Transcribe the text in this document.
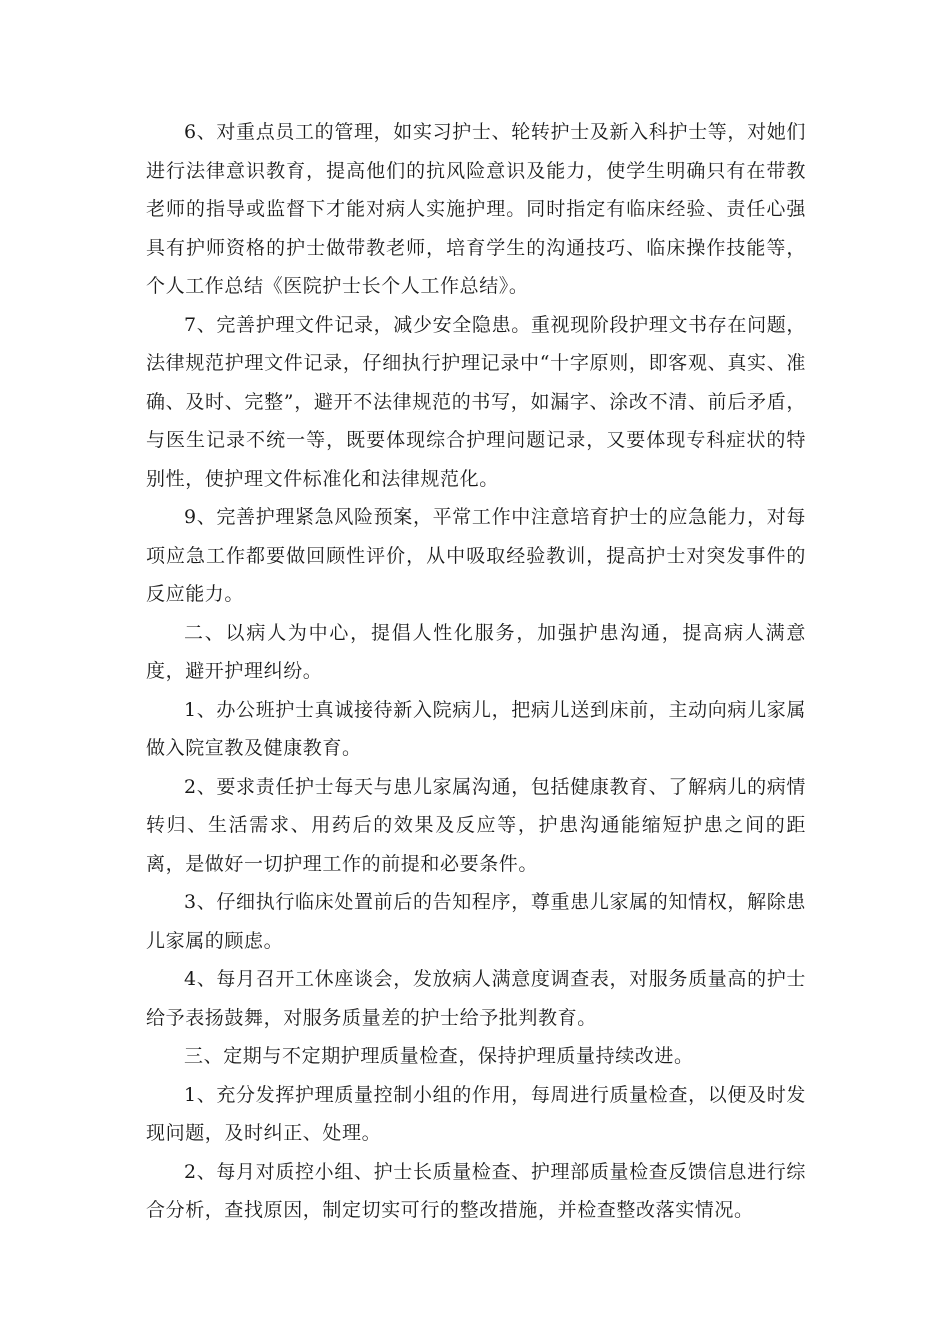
6、对重点员工的管理，如实习护士、轮转护士及新入科护士等，对她们进行法律意识教育，提高他们的抗风险意识及能力，使学生明确只有在带教老师的指导或监督下才能对病人实施护理。同时指定有临床经验、责任心强具有护师资格的护士做带教老师，培育学生的沟通技巧、临床操作技能等，个人工作总结《医院护士长个人工作总结》。

7、完善护理文件记录，减少安全隐患。重视现阶段护理文书存在问题，法律规范护理文件记录，仔细执行护理记录中“十字原则，即客观、真实、准确、及时、完整”，避开不法律规范的书写，如漏字、涂改不清、前后矛盾，与医生记录不统一等，既要体现综合护理问题记录，又要体现专科症状的特别性，使护理文件标准化和法律规范化。

9、完善护理紧急风险预案，平常工作中注意培育护士的应急能力，对每项应急工作都要做回顾性评价，从中吸取经验教训，提高护士对突发事件的反应能力。

二、以病人为中心，提倡人性化服务，加强护患沟通，提高病人满意度，避开护理纠纷。

1、办公班护士真诚接待新入院病儿，把病儿送到床前，主动向病儿家属做入院宣教及健康教育。

2、要求责任护士每天与患儿家属沟通，包括健康教育、了解病儿的病情转归、生活需求、用药后的效果及反应等，护患沟通能缩短护患之间的距离，是做好一切护理工作的前提和必要条件。

3、仔细执行临床处置前后的告知程序，尊重患儿家属的知情权，解除患儿家属的顾虑。

4、每月召开工休座谈会，发放病人满意度调查表，对服务质量高的护士给予表扬鼓舞，对服务质量差的护士给予批判教育。

三、定期与不定期护理质量检查，保持护理质量持续改进。

1、充分发挥护理质量控制小组的作用，每周进行质量检查，以便及时发现问题，及时纠正、处理。

2、每月对质控小组、护士长质量检查、护理部质量检查反馈信息进行综合分析，查找原因，制定切实可行的整改措施，并检查整改落实情况。
